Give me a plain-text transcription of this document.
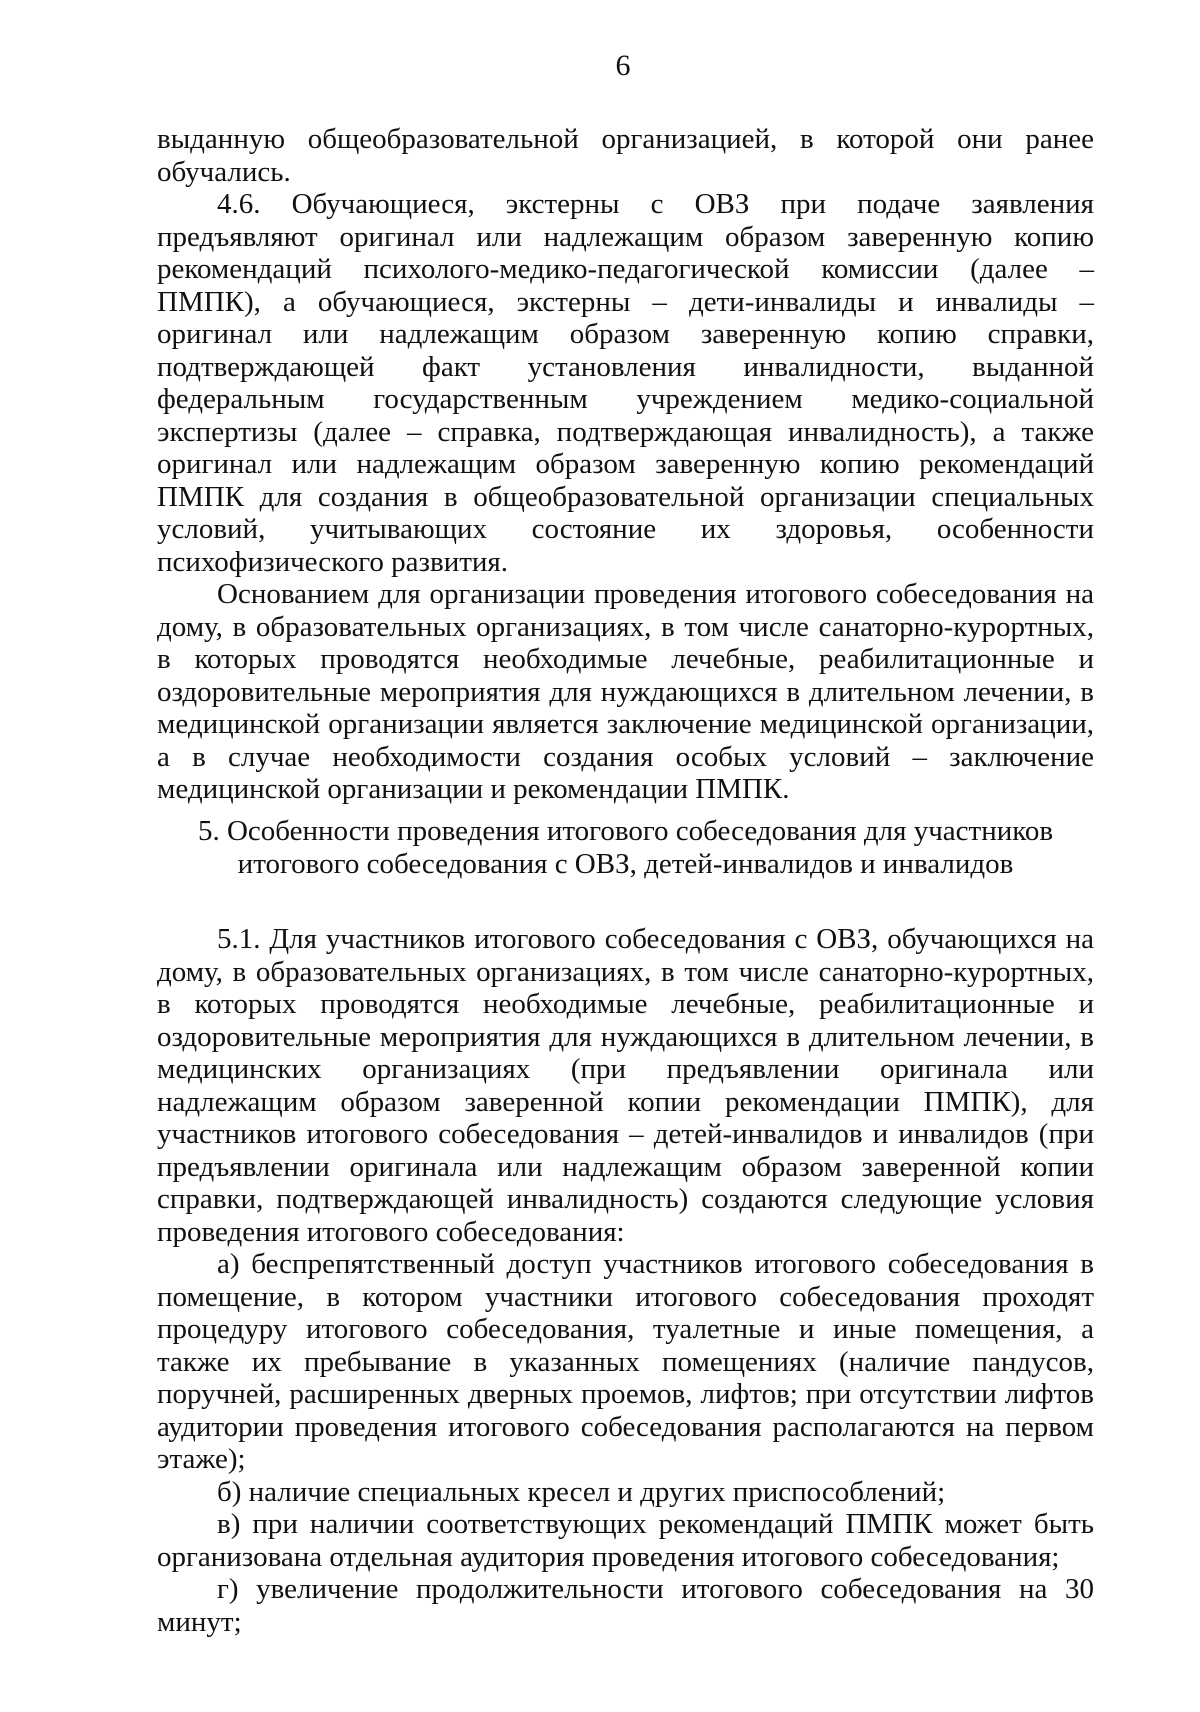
6

выданную общеобразовательной организацией, в которой они ранее обучались.

4.6. Обучающиеся, экстерны с ОВЗ при подаче заявления предъявляют оригинал или надлежащим образом заверенную копию рекомендаций психолого-медико-педагогической комиссии (далее – ПМПК), а обучающиеся, экстерны – дети-инвалиды и инвалиды – оригинал или надлежащим образом заверенную копию справки, подтверждающей факт установления инвалидности, выданной федеральным государственным учреждением медико-социальной экспертизы (далее – справка, подтверждающая инвалидность), а также оригинал или надлежащим образом заверенную копию рекомендаций ПМПК для создания в общеобразовательной организации специальных условий, учитывающих состояние их здоровья, особенности психофизического развития.

Основанием для организации проведения итогового собеседования на дому, в образовательных организациях, в том числе санаторно-курортных, в которых проводятся необходимые лечебные, реабилитационные и оздоровительные мероприятия для нуждающихся в длительном лечении, в медицинской организации является заключение медицинской организации, а в случае необходимости создания особых условий – заключение медицинской организации и рекомендации ПМПК.

5. Особенности проведения итогового собеседования для участников
итогового собеседования с ОВЗ, детей-инвалидов и инвалидов

5.1. Для участников итогового собеседования с ОВЗ, обучающихся на дому, в образовательных организациях, в том числе санаторно-курортных, в которых проводятся необходимые лечебные, реабилитационные и оздоровительные мероприятия для нуждающихся в длительном лечении, в медицинских организациях (при предъявлении оригинала или надлежащим образом заверенной копии рекомендации ПМПК), для участников итогового собеседования – детей-инвалидов и инвалидов (при предъявлении оригинала или надлежащим образом заверенной копии справки, подтверждающей инвалидность) создаются следующие условия проведения итогового собеседования:

а) беспрепятственный доступ участников итогового собеседования в помещение, в котором участники итогового собеседования проходят процедуру итогового собеседования, туалетные и иные помещения, а также их пребывание в указанных помещениях (наличие пандусов, поручней, расширенных дверных проемов, лифтов; при отсутствии лифтов аудитории проведения итогового собеседования располагаются на первом этаже);

б) наличие специальных кресел и других приспособлений;

в) при наличии соответствующих рекомендаций ПМПК может быть организована отдельная аудитория проведения итогового собеседования;

г) увеличение продолжительности итогового собеседования на 30 минут;
